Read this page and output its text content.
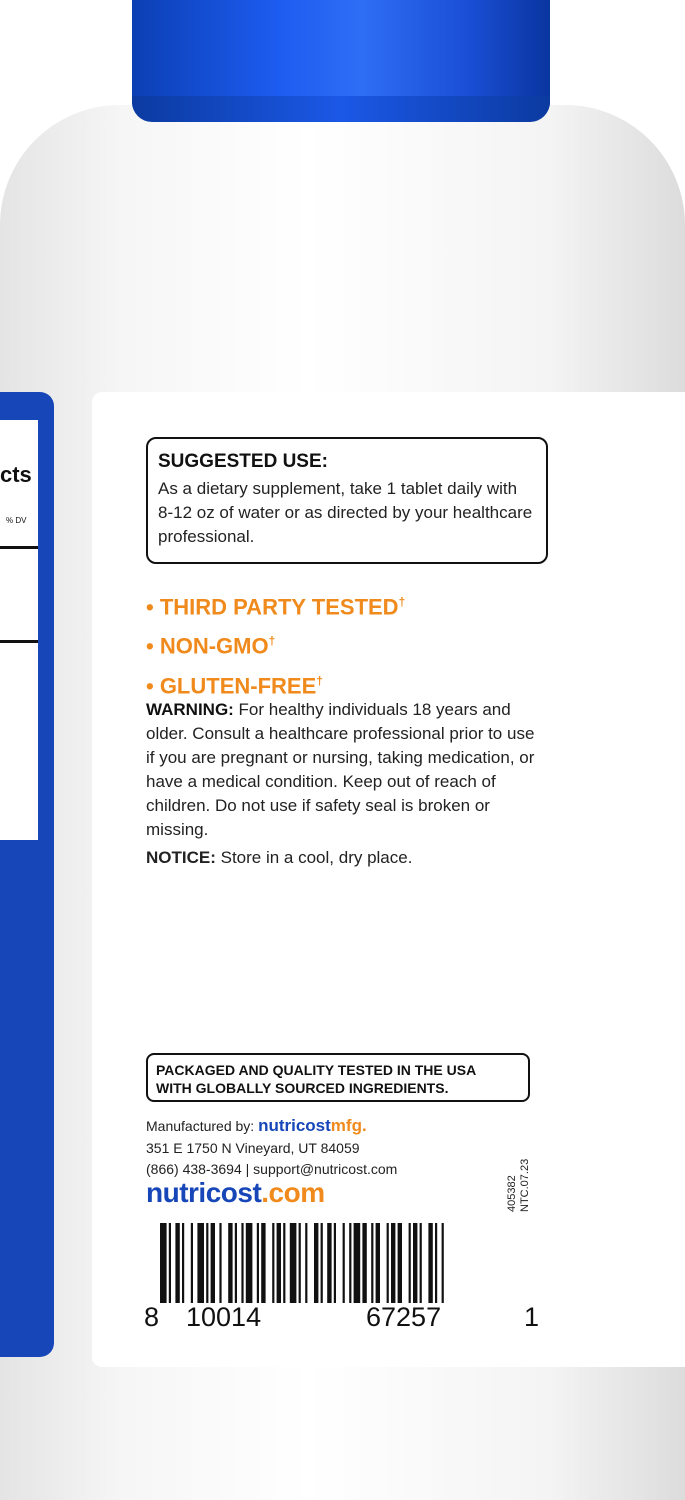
cts
% DV

SUGGESTED USE:

As a dietary supplement, take 1 tablet daily with 8-12 oz of water or as directed by your healthcare professional.

• THIRD PARTY TESTED†
• NON-GMO†
• GLUTEN-FREE†
WARNING: For healthy individuals 18 years and older. Consult a healthcare professional prior to use if you are pregnant or nursing, taking medication, or have a medical condition. Keep out of reach of children. Do not use if safety seal is broken or missing.
NOTICE: Store in a cool, dry place.
PACKAGED AND QUALITY TESTED IN THE USA
WITH GLOBALLY SOURCED INGREDIENTS.
Manufactured by: nutricostmfg.
351 E 1750 N Vineyard, UT 84059
(866) 438-3694 | support@nutricost.com
nutricost.com	405382 NTC.07.23
8 10014	67257	1
